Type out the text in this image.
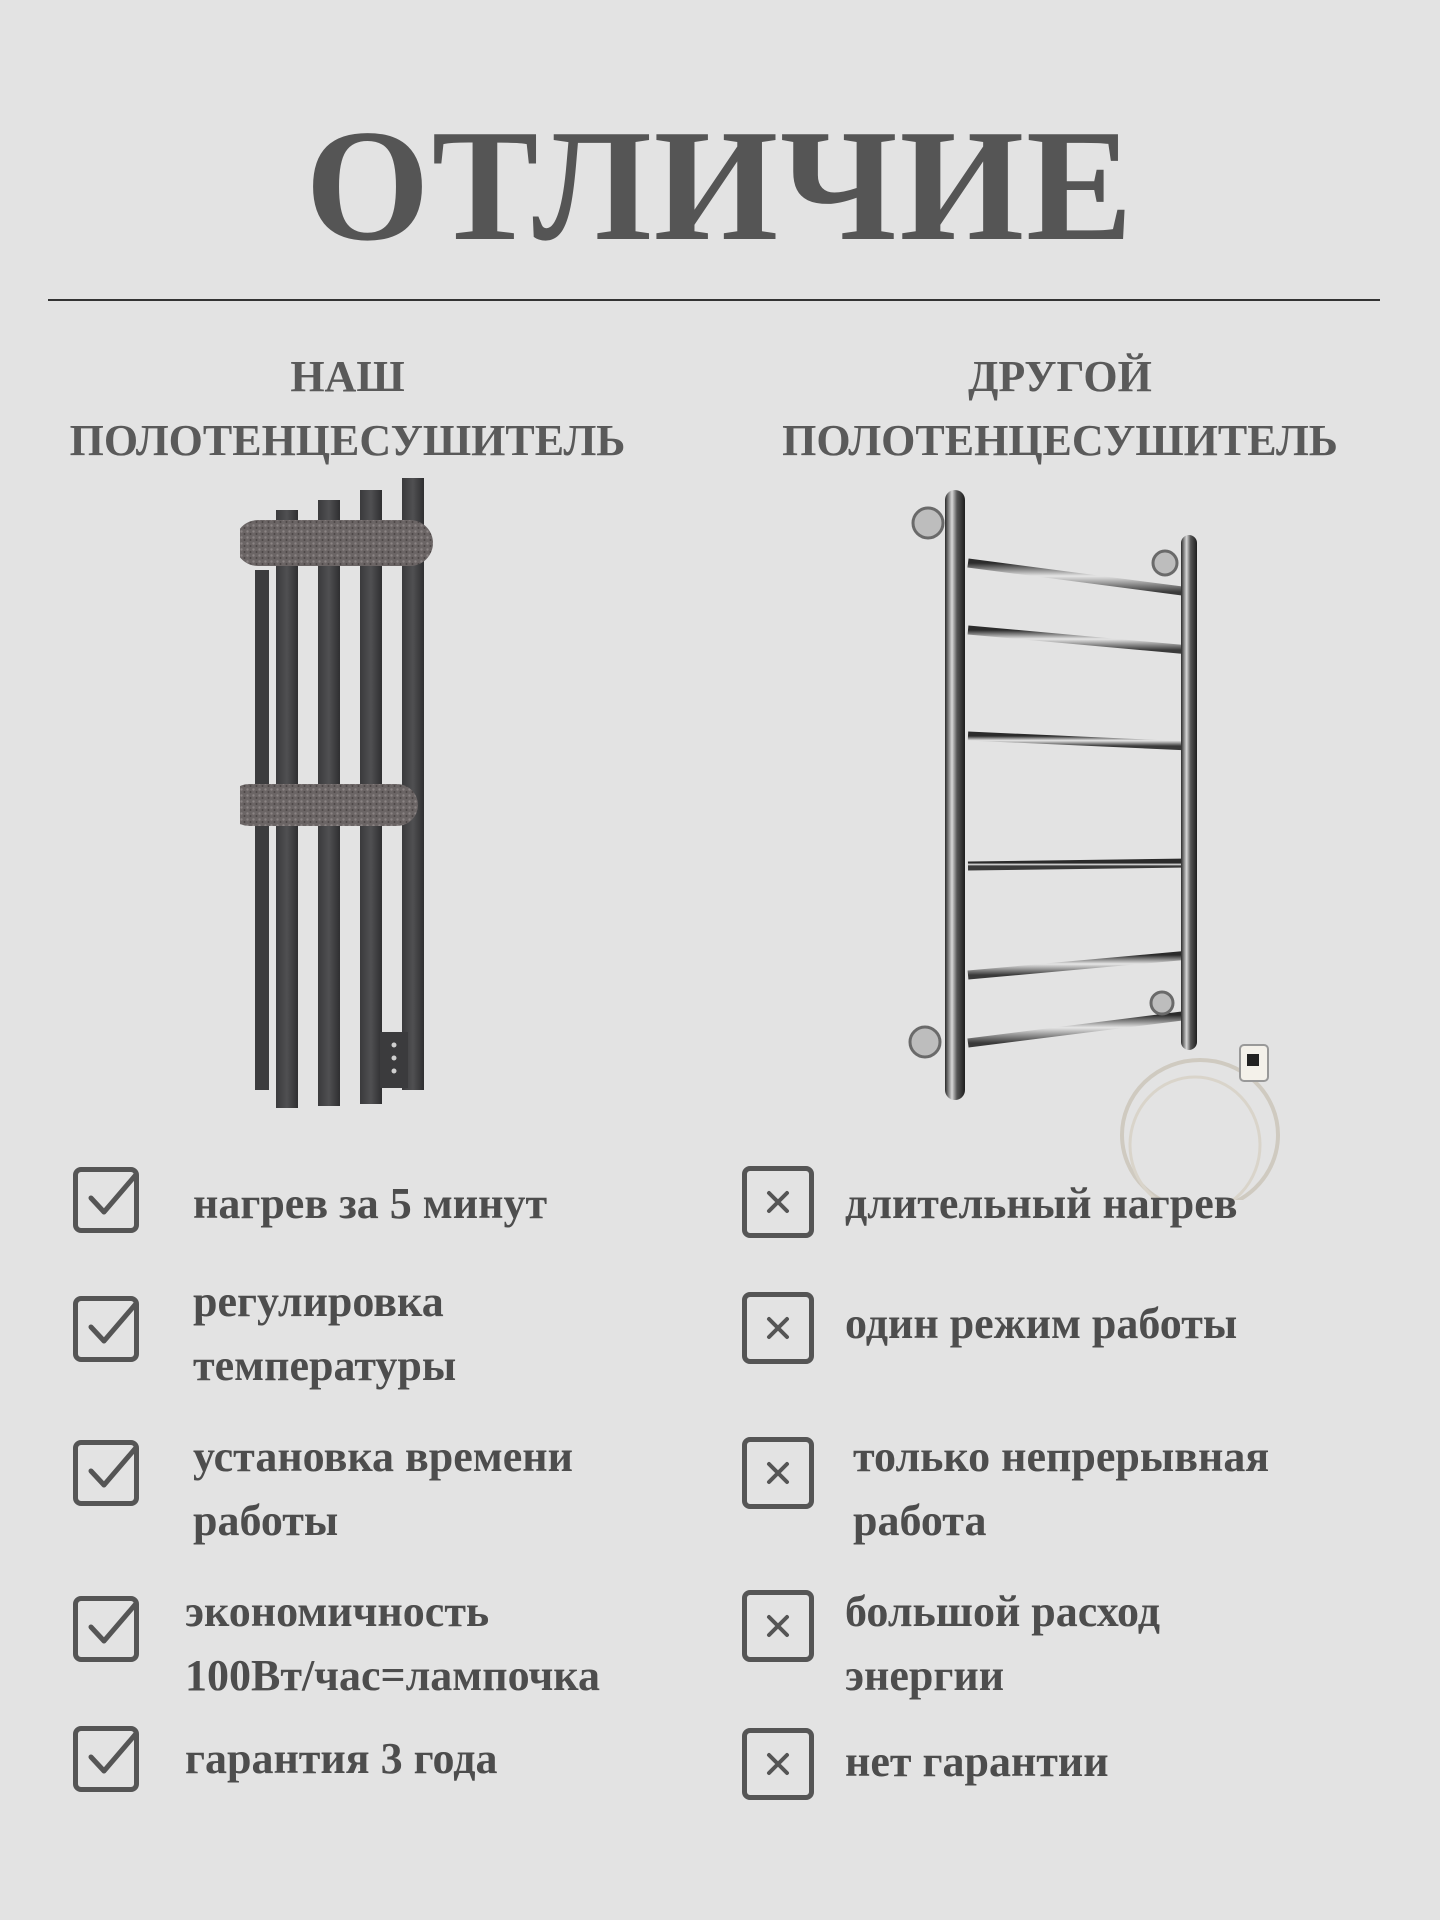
ОТЛИЧИЕ
НАШ
ПОЛОТЕНЦЕСУШИТЕЛЬ
ДРУГОЙ
ПОЛОТЕНЦЕСУШИТЕЛЬ
нагрев за 5 минут
регулировка
температуры
установка времени
работы
экономичность
100Вт/час=лампочка
гарантия 3 года
длительный нагрев
один режим работы
только непрерывная
работа
большой расход
энергии
нет гарантии
